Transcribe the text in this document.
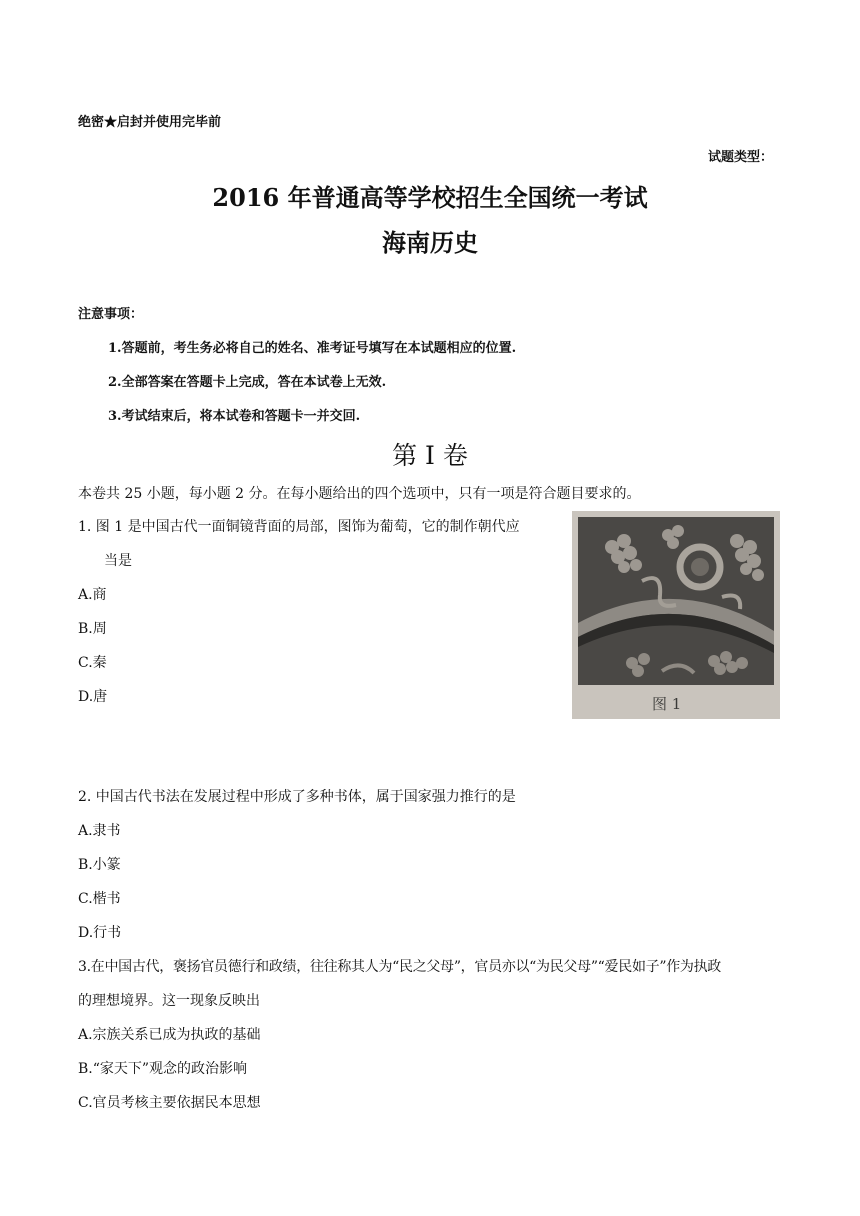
绝密★启封并使用完毕前
试题类型：
2016 年普通高等学校招生全国统一考试
海南历史
注意事项：
1.答题前，考生务必将自己的姓名、准考证号填写在本试题相应的位置.
2.全部答案在答题卡上完成，答在本试卷上无效.
3.考试结束后，将本试卷和答题卡一并交回.
第 I 卷
本卷共 25 小题，每小题 2 分。在每小题给出的四个选项中，只有一项是符合题目要求的。
1. 图 1 是中国古代一面铜镜背面的局部，图饰为葡萄，它的制作朝代应
当是
A.商
B.周
C.秦
D.唐	图 1
2. 中国古代书法在发展过程中形成了多种书体，属于国家强力推行的是
A.隶书
B.小篆
C.楷书
D.行书
3.在中国古代，褒扬官员德行和政绩，往往称其人为“民之父母”，官员亦以“为民父母”“爱民如子”作为执政
的理想境界。这一现象反映出
A.宗族关系已成为执政的基础
B.“家天下”观念的政治影响
C.官员考核主要依据民本思想
